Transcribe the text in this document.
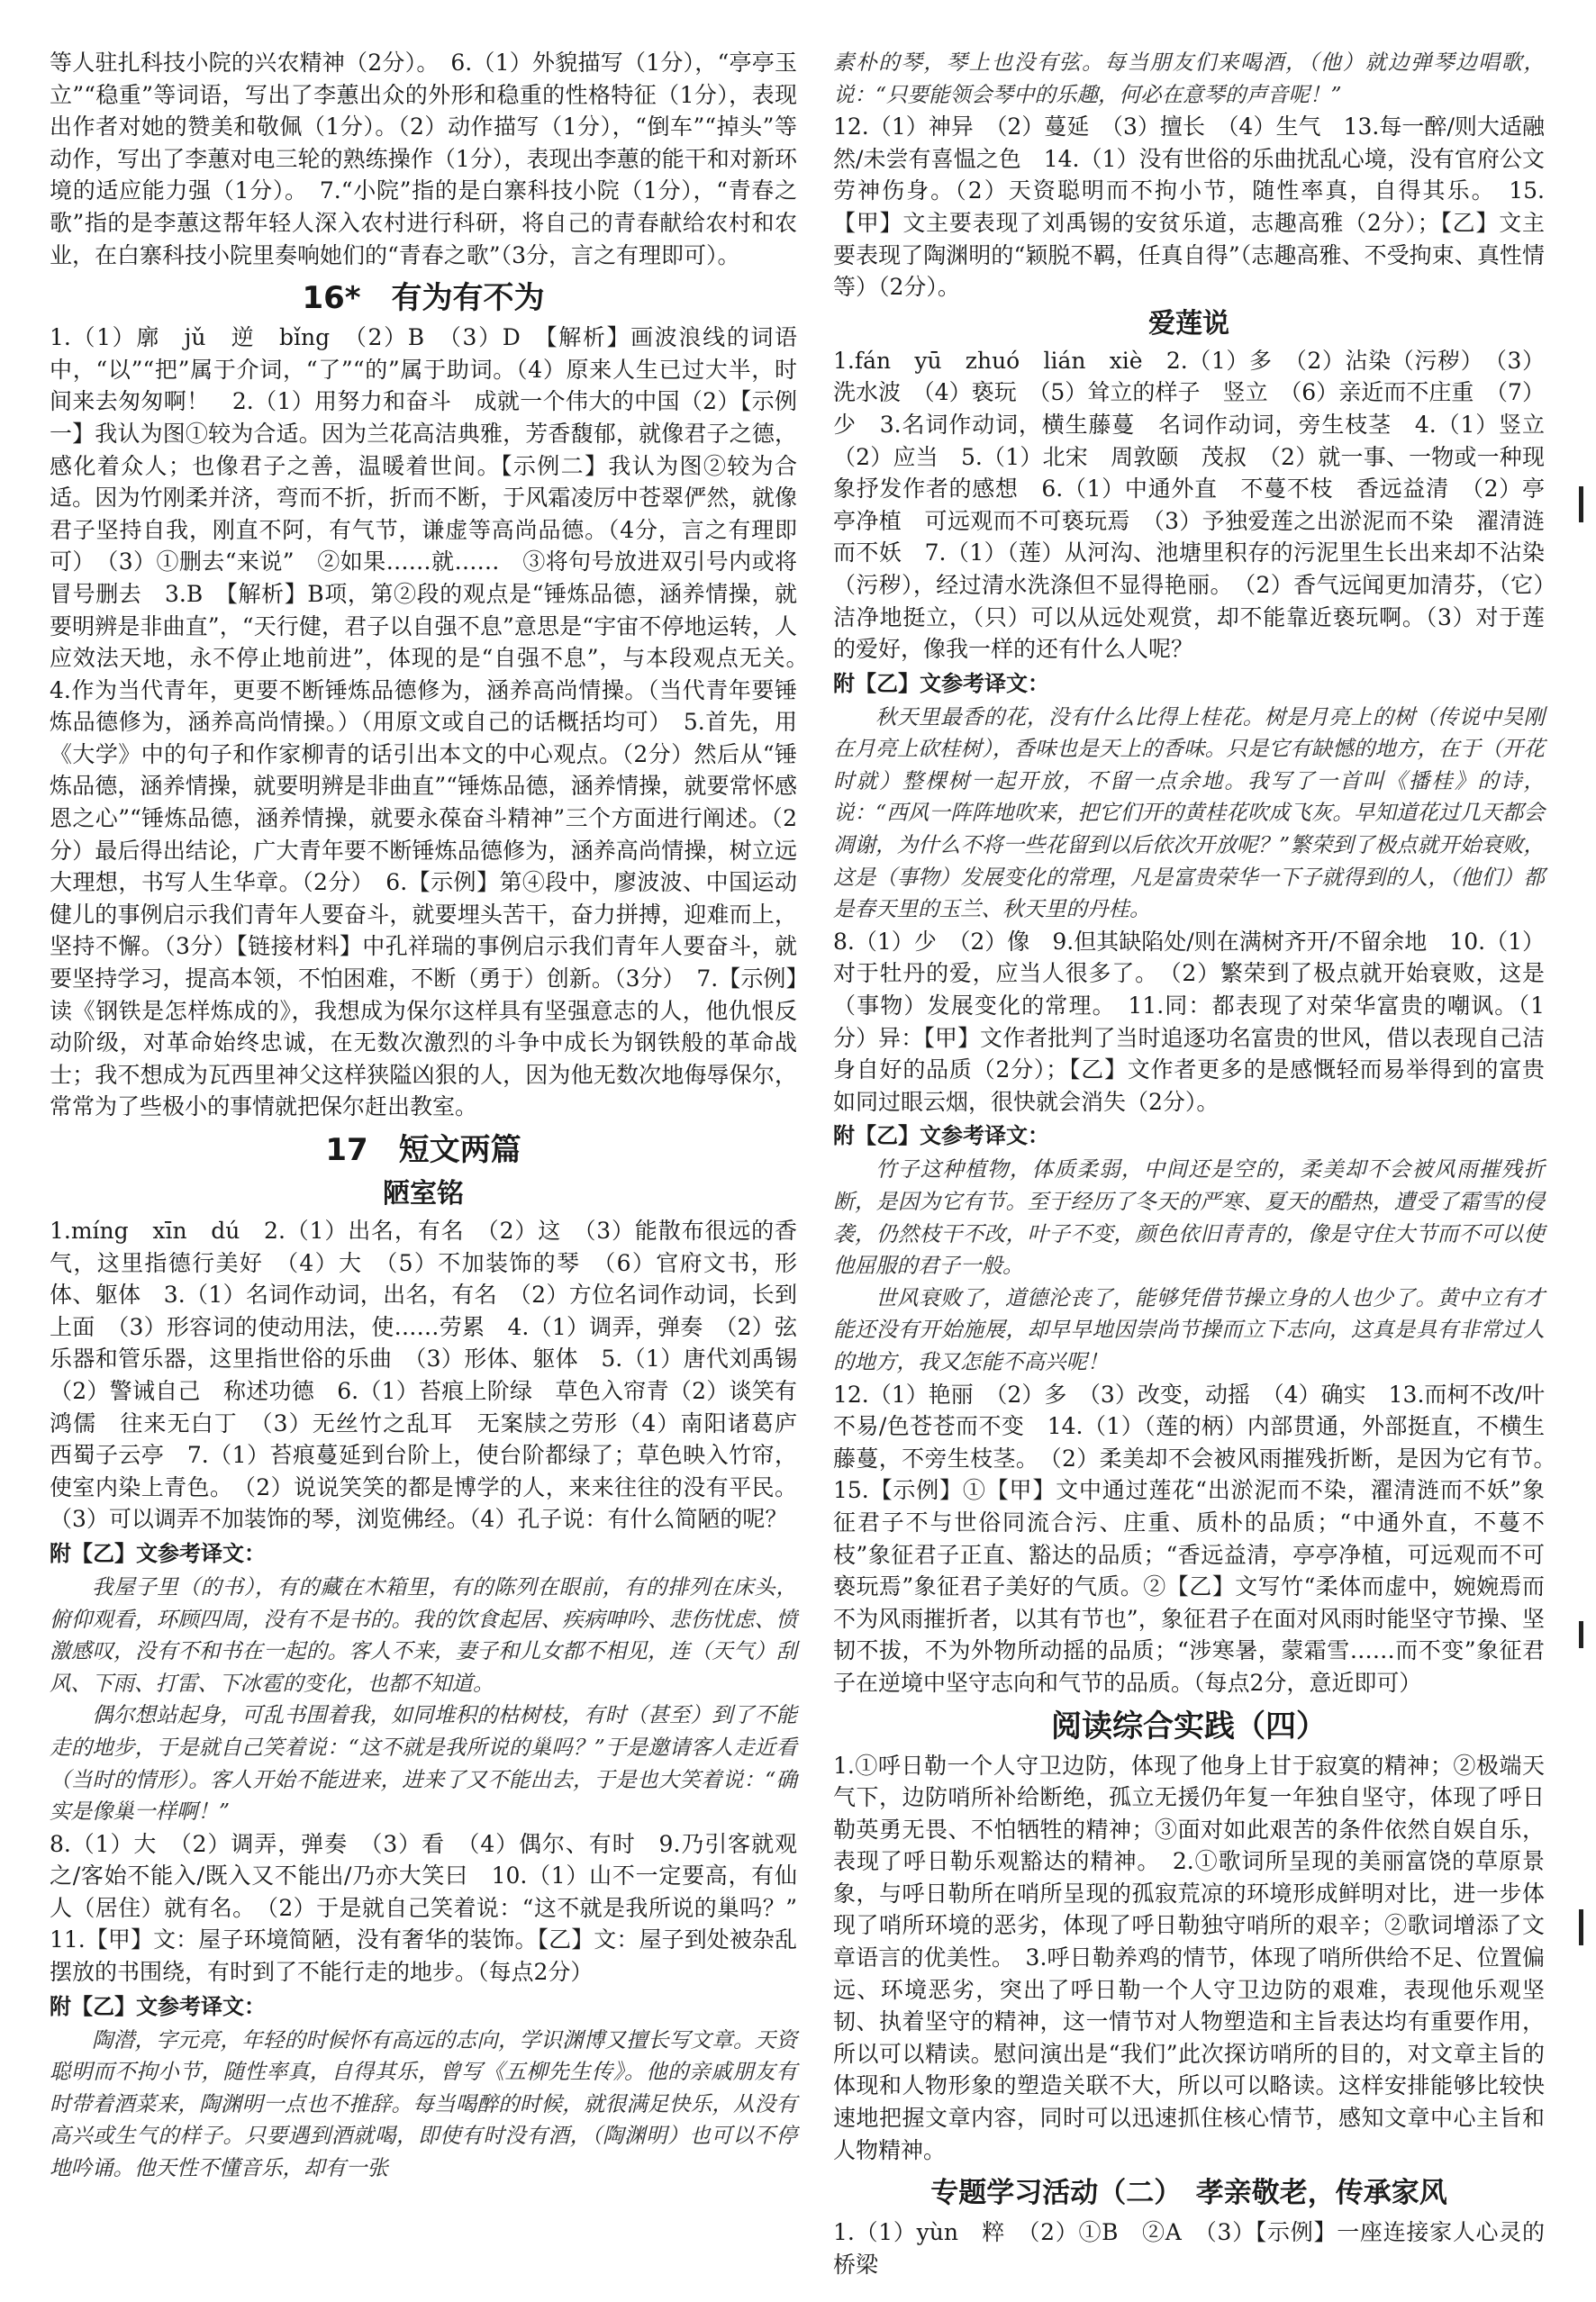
等人驻扎科技小院的兴农精神（2分）。　6.（1）外貌描写（1分），“亭亭玉立”“稳重”等词语，写出了李蕙出众的外形和稳重的性格特征（1分），表现出作者对她的赞美和敬佩（1分）。（2）动作描写（1分），“倒车”“掉头”等动作，写出了李蕙对电三轮的熟练操作（1分），表现出李蕙的能干和对新环境的适应能力强（1分）。　7.“小院”指的是白寨科技小院（1分），“青春之歌”指的是李蕙这帮年轻人深入农村进行科研，将自己的青春献给农村和农业，在白寨科技小院里奏响她们的“青春之歌”（3分，言之有理即可）。

16*　有为有不为

1.（1）廓　jǔ　逆　bǐng　（2）B　（3）D　【解析】画波浪线的词语中，“以”“把”属于介词，“了”“的”属于助词。（4）原来人生已过大半，时间来去匆匆啊！　2.（1）用努力和奋斗　成就一个伟大的中国（2）【示例一】我认为图①较为合适。因为兰花高洁典雅，芳香馥郁，就像君子之德，感化着众人；也像君子之善，温暖着世间。【示例二】我认为图②较为合适。因为竹刚柔并济，弯而不折，折而不断，于风霜凌厉中苍翠俨然，就像君子坚持自我，刚直不阿，有气节，谦虚等高尚品德。（4分，言之有理即可）　（3）①删去“来说”　②如果……就……　③将句号放进双引号内或将冒号删去　3.B　【解析】B项，第②段的观点是“锤炼品德，涵养情操，就要明辨是非曲直”，“天行健，君子以自强不息”意思是“宇宙不停地运转，人应效法天地，永不停止地前进”，体现的是“自强不息”，与本段观点无关。　4.作为当代青年，更要不断锤炼品德修为，涵养高尚情操。（当代青年要锤炼品德修为，涵养高尚情操。）（用原文或自己的话概括均可）　5.首先，用《大学》中的句子和作家柳青的话引出本文的中心观点。（2分）然后从“锤炼品德，涵养情操，就要明辨是非曲直”“锤炼品德，涵养情操，就要常怀感恩之心”“锤炼品德，涵养情操，就要永葆奋斗精神”三个方面进行阐述。（2分）最后得出结论，广大青年要不断锤炼品德修为，涵养高尚情操，树立远大理想，书写人生华章。（2分）　6.【示例】第④段中，廖波波、中国运动健儿的事例启示我们青年人要奋斗，就要埋头苦干，奋力拼搏，迎难而上，坚持不懈。（3分）【链接材料】中孔祥瑞的事例启示我们青年人要奋斗，就要坚持学习，提高本领，不怕困难，不断（勇于）创新。（3分）　7.【示例】读《钢铁是怎样炼成的》，我想成为保尔这样具有坚强意志的人，他仇恨反动阶级，对革命始终忠诚，在无数次激烈的斗争中成长为钢铁般的革命战士；我不想成为瓦西里神父这样狭隘凶狠的人，因为他无数次地侮辱保尔，常常为了些极小的事情就把保尔赶出教室。

17　短文两篇
陋室铭

1.míng　xīn　dú　2.（1）出名，有名　（2）这　（3）能散布很远的香气，这里指德行美好　（4）大　（5）不加装饰的琴　（6）官府文书，形体、躯体　3.（1）名词作动词，出名，有名　（2）方位名词作动词，长到上面　（3）形容词的使动用法，使……劳累　4.（1）调弄，弹奏　（2）弦乐器和管乐器，这里指世俗的乐曲　（3）形体、躯体　5.（1）唐代刘禹锡　（2）警诫自己　称述功德　6.（1）苔痕上阶绿　草色入帘青（2）谈笑有鸿儒　往来无白丁　（3）无丝竹之乱耳　无案牍之劳形（4）南阳诸葛庐　西蜀子云亭　7.（1）苔痕蔓延到台阶上，使台阶都绿了；草色映入竹帘，使室内染上青色。　（2）说说笑笑的都是博学的人，来来往往的没有平民。（3）可以调弄不加装饰的琴，浏览佛经。（4）孔子说：有什么简陋的呢？

附【乙】文参考译文：

我屋子里（的书），有的藏在木箱里，有的陈列在眼前，有的排列在床头，俯仰观看，环顾四周，没有不是书的。我的饮食起居、疾病呻吟、悲伤忧虑、愤激感叹，没有不和书在一起的。客人不来，妻子和儿女都不相见，连（天气）刮风、下雨、打雷、下冰雹的变化，也都不知道。

偶尔想站起身，可乱书围着我，如同堆积的枯树枝，有时（甚至）到了不能走的地步，于是就自己笑着说：“这不就是我所说的巢吗？”于是邀请客人走近看（当时的情形）。客人开始不能进来，进来了又不能出去，于是也大笑着说：“确实是像巢一样啊！”

8.（1）大　（2）调弄，弹奏　（3）看　（4）偶尔、有时　9.乃引客就观之/客始不能入/既入又不能出/乃亦大笑曰　10.（1）山不一定要高，有仙人（居住）就有名。　（2）于是就自己笑着说：“这不就是我所说的巢吗？”　11.【甲】文：屋子环境简陋，没有奢华的装饰。【乙】文：屋子到处被杂乱摆放的书围绕，有时到了不能行走的地步。（每点2分）

附【乙】文参考译文：

陶潜，字元亮，年轻的时候怀有高远的志向，学识渊博又擅长写文章。天资聪明而不拘小节，随性率真，自得其乐，曾写《五柳先生传》。他的亲戚朋友有时带着酒菜来，陶渊明一点也不推辞。每当喝醉的时候，就很满足快乐，从没有高兴或生气的样子。只要遇到酒就喝，即使有时没有酒，（陶渊明）也可以不停地吟诵。他天性不懂音乐，却有一张

素朴的琴，琴上也没有弦。每当朋友们来喝酒，（他）就边弹琴边唱歌，说：“只要能领会琴中的乐趣，何必在意琴的声音呢！”

12.（1）神异　（2）蔓延　（3）擅长　（4）生气　13.每一醉/则大适融然/未尝有喜愠之色　14.（1）没有世俗的乐曲扰乱心境，没有官府公文劳神伤身。（2）天资聪明而不拘小节，随性率真，自得其乐。　15.【甲】文主要表现了刘禹锡的安贫乐道，志趣高雅（2分）；【乙】文主要表现了陶渊明的“颖脱不羁，任真自得”（志趣高雅、不受拘束、真性情等）（2分）。

爱莲说

1.fán　yū　zhuó　lián　xiè　2.（1）多　（2）沾染（污秽）　（3）洗水波　（4）亵玩　（5）耸立的样子　竖立　（6）亲近而不庄重　（7）少　3.名词作动词，横生藤蔓　名词作动词，旁生枝茎　4.（1）竖立（2）应当　5.（1）北宋　周敦颐　茂叔　（2）就一事、一物或一种现象抒发作者的感想　6.（1）中通外直　不蔓不枝　香远益清　（2）亭亭净植　可远观而不可亵玩焉　（3）予独爱莲之出淤泥而不染　濯清涟而不妖　7.（1）（莲）从河沟、池塘里积存的污泥里生长出来却不沾染（污秽），经过清水洗涤但不显得艳丽。　（2）香气远闻更加清芬，（它）洁净地挺立，（只）可以从远处观赏，却不能靠近亵玩啊。（3）对于莲的爱好，像我一样的还有什么人呢？

附【乙】文参考译文：

秋天里最香的花，没有什么比得上桂花。树是月亮上的树（传说中吴刚在月亮上砍桂树），香味也是天上的香味。只是它有缺憾的地方，在于（开花时就）整棵树一起开放，不留一点余地。我写了一首叫《播桂》的诗，说：“西风一阵阵地吹来，把它们开的黄桂花吹成飞灰。早知道花过几天都会凋谢，为什么不将一些花留到以后依次开放呢？”繁荣到了极点就开始衰败，这是（事物）发展变化的常理，凡是富贵荣华一下子就得到的人，（他们）都是春天里的玉兰、秋天里的丹桂。

8.（1）少　（2）像　9.但其缺陷处/则在满树齐开/不留余地　10.（1）对于牡丹的爱，应当人很多了。　（2）繁荣到了极点就开始衰败，这是（事物）发展变化的常理。　11.同：都表现了对荣华富贵的嘲讽。（1分）异：【甲】文作者批判了当时追逐功名富贵的世风，借以表现自己洁身自好的品质（2分）；【乙】文作者更多的是感慨轻而易举得到的富贵如同过眼云烟，很快就会消失（2分）。

附【乙】文参考译文：

竹子这种植物，体质柔弱，中间还是空的，柔美却不会被风雨摧残折断，是因为它有节。至于经历了冬天的严寒、夏天的酷热，遭受了霜雪的侵袭，仍然枝干不改，叶子不变，颜色依旧青青的，像是守住大节而不可以使他屈服的君子一般。

世风衰败了，道德沦丧了，能够凭借节操立身的人也少了。黄中立有才能还没有开始施展，却早早地因崇尚节操而立下志向，这真是具有非常过人的地方，我又怎能不高兴呢！

12.（1）艳丽　（2）多　（3）改变，动摇　（4）确实　13.而柯不改/叶不易/色苍苍而不变　14.（1）（莲的柄）内部贯通，外部挺直，不横生藤蔓，不旁生枝茎。　（2）柔美却不会被风雨摧残折断，是因为它有节。　15.【示例】①【甲】文中通过莲花“出淤泥而不染，濯清涟而不妖”象征君子不与世俗同流合污、庄重、质朴的品质；“中通外直，不蔓不枝”象征君子正直、豁达的品质；“香远益清，亭亭净植，可远观而不可亵玩焉”象征君子美好的气质。②【乙】文写竹“柔体而虚中，婉婉焉而不为风雨摧折者，以其有节也”，象征君子在面对风雨时能坚守节操、坚韧不拔，不为外物所动摇的品质；“涉寒暑，蒙霜雪……而不变”象征君子在逆境中坚守志向和气节的品质。（每点2分，意近即可）

阅读综合实践（四）

1.①呼日勒一个人守卫边防，体现了他身上甘于寂寞的精神；②极端天气下，边防哨所补给断绝，孤立无援仍年复一年独自坚守，体现了呼日勒英勇无畏、不怕牺牲的精神；③面对如此艰苦的条件依然自娱自乐，表现了呼日勒乐观豁达的精神。　2.①歌词所呈现的美丽富饶的草原景象，与呼日勒所在哨所呈现的孤寂荒凉的环境形成鲜明对比，进一步体现了哨所环境的恶劣，体现了呼日勒独守哨所的艰辛；②歌词增添了文章语言的优美性。　3.呼日勒养鸡的情节，体现了哨所供给不足、位置偏远、环境恶劣，突出了呼日勒一个人守卫边防的艰难，表现他乐观坚韧、执着坚守的精神，这一情节对人物塑造和主旨表达均有重要作用，所以可以精读。慰问演出是“我们”此次探访哨所的目的，对文章主旨的体现和人物形象的塑造关联不大，所以可以略读。这样安排能够比较快速地把握文章内容，同时可以迅速抓住核心情节，感知文章中心主旨和人物精神。

专题学习活动（二）　孝亲敬老，传承家风

1.（1）yùn　粹　（2）①B　②A　（3）【示例】一座连接家人心灵的桥梁
